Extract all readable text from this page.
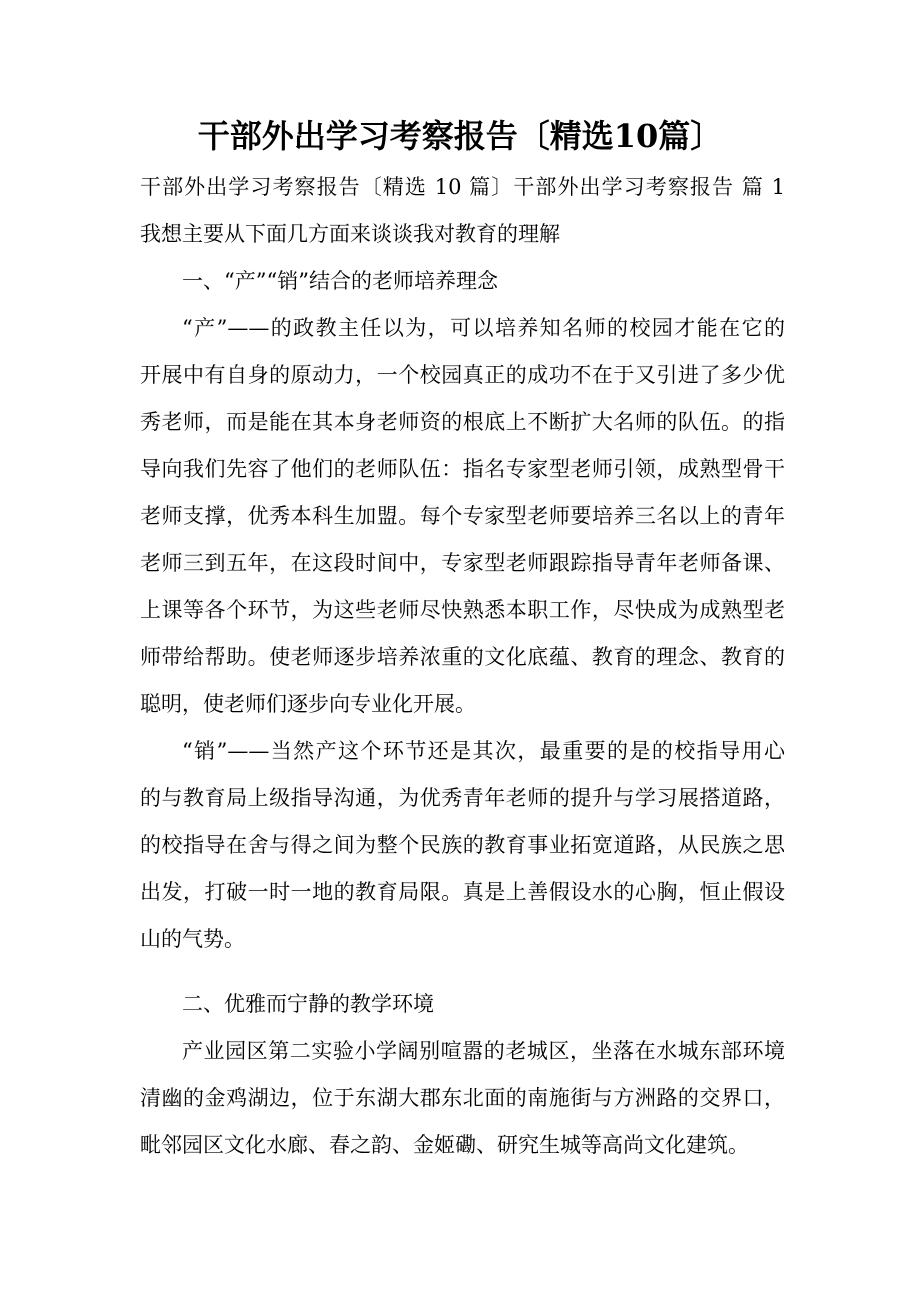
干部外出学习考察报告〔精选10篇〕
干部外出学习考察报告〔精选 10 篇〕干部外出学习考察报告 篇 1
我想主要从下面几方面来谈谈我对教育的理解
一、“产”“销”结合的老师培养理念
“产”——的政教主任以为，可以培养知名师的校园才能在它的
开展中有自身的原动力，一个校园真正的成功不在于又引进了多少优
秀老师，而是能在其本身老师资的根底上不断扩大名师的队伍。的指
导向我们先容了他们的老师队伍：指名专家型老师引领，成熟型骨干
老师支撑，优秀本科生加盟。每个专家型老师要培养三名以上的青年
老师三到五年，在这段时间中，专家型老师跟踪指导青年老师备课、
上课等各个环节，为这些老师尽快熟悉本职工作，尽快成为成熟型老
师带给帮助。使老师逐步培养浓重的文化底蕴、教育的理念、教育的
聪明，使老师们逐步向专业化开展。
“销”——当然产这个环节还是其次，最重要的是的校指导用心
的与教育局上级指导沟通，为优秀青年老师的提升与学习展搭道路，
的校指导在舍与得之间为整个民族的教育事业拓宽道路，从民族之思
出发，打破一时一地的教育局限。真是上善假设水的心胸，恒止假设
山的气势。
二、优雅而宁静的教学环境
产业园区第二实验小学阔别喧嚣的老城区，坐落在水城东部环境
清幽的金鸡湖边，位于东湖大郡东北面的南施街与方洲路的交界口，
毗邻园区文化水廊、春之韵、金姬磡、研究生城等高尚文化建筑。
